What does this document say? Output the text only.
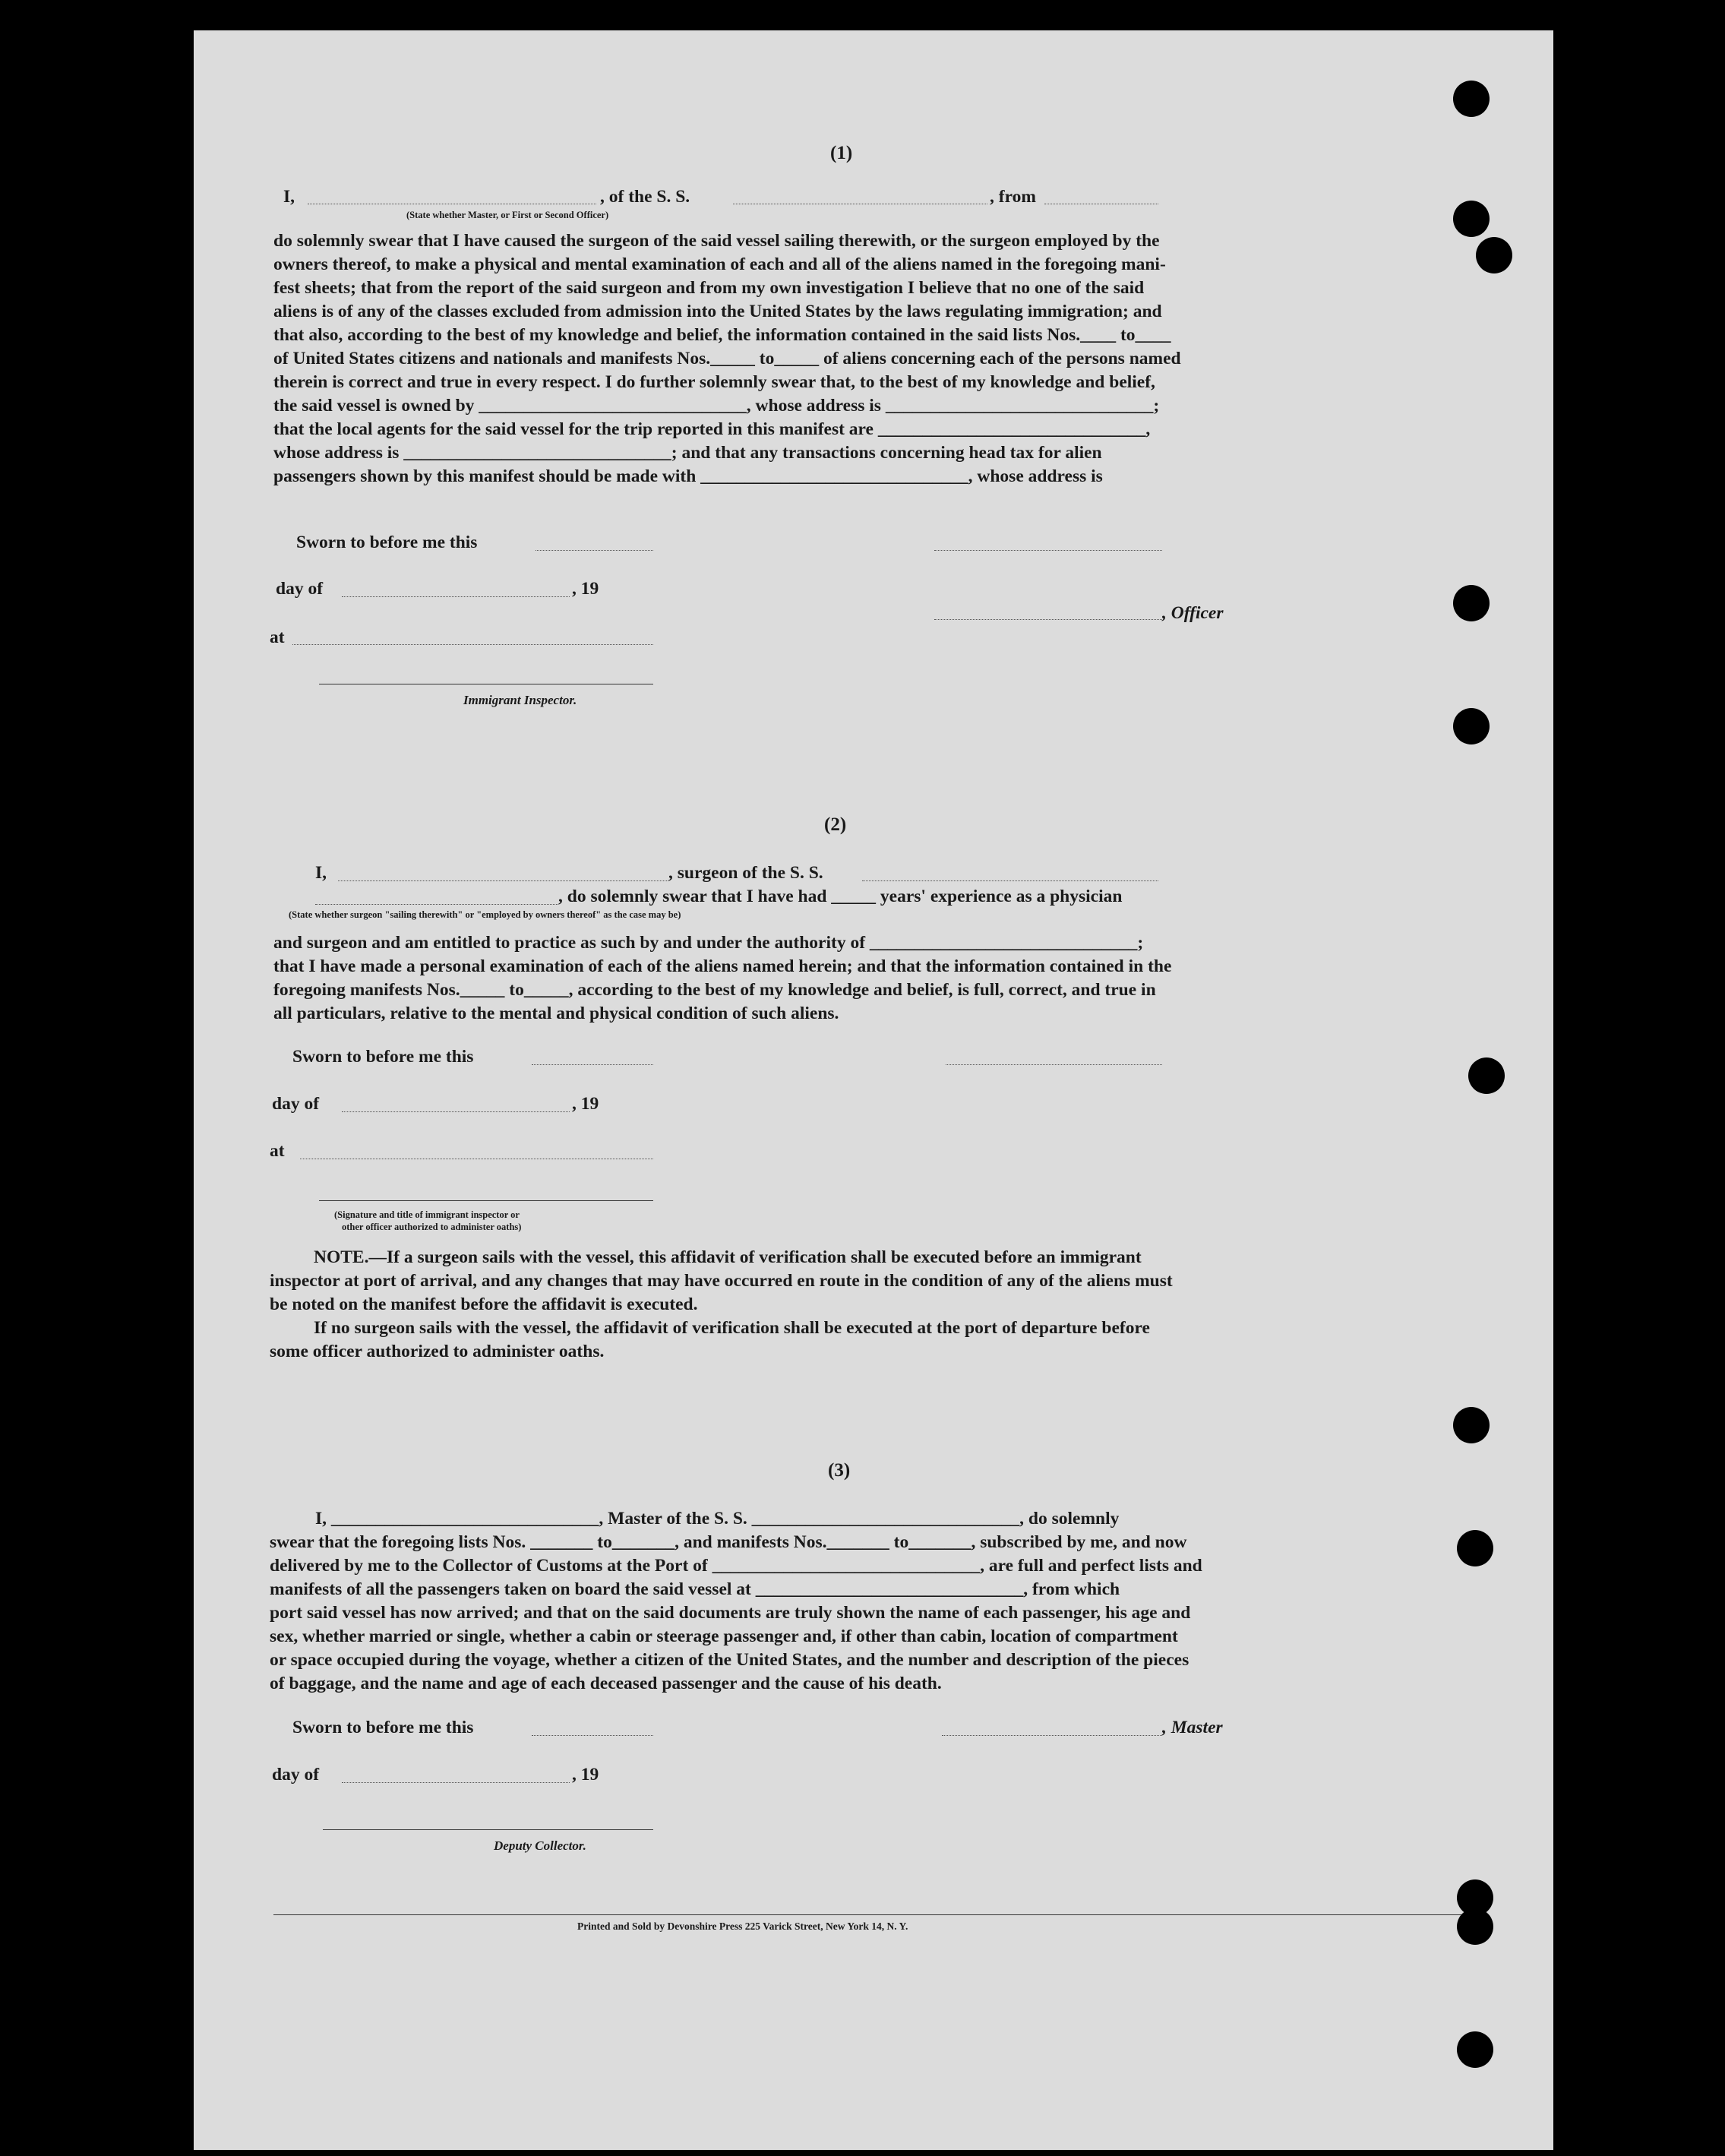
(1)
I,	, of the S. S.	, from
(State whether Master, or First or Second Officer)
do solemnly swear that I have caused the surgeon of the said vessel sailing therewith, or the surgeon employed by the
owners thereof, to make a physical and mental examination of each and all of the aliens named in the foregoing mani-
fest sheets; that from the report of the said surgeon and from my own investigation I believe that no one of the said
aliens is of any of the classes excluded from admission into the United States by the laws regulating immigration; and
that also, according to the best of my knowledge and belief, the information contained in the said lists Nos.____ to____
of United States citizens and nationals and manifests Nos._____ to_____ of aliens concerning each of the persons named
therein is correct and true in every respect. I do further solemnly swear that, to the best of my knowledge and belief,
the said vessel is owned by ______________________________, whose address is ______________________________;
that the local agents for the said vessel for the trip reported in this manifest are ______________________________,
whose address is ______________________________; and that any transactions concerning head tax for alien
passengers shown by this manifest should be made with ______________________________, whose address is
Sworn to before me this
day of	, 19
, Officer
at
Immigrant Inspector.
(2)
I,	, surgeon of the S. S.
, do solemnly swear that I have had _____ years' experience as a physician
(State whether surgeon "sailing therewith" or "employed by owners thereof" as the case may be)
and surgeon and am entitled to practice as such by and under the authority of ______________________________;
that I have made a personal examination of each of the aliens named herein; and that the information contained in the
foregoing manifests Nos._____ to_____, according to the best of my knowledge and belief, is full, correct, and true in
all particulars, relative to the mental and physical condition of such aliens.
Sworn to before me this
day of	, 19
at
(Signature and title of immigrant inspector or
other officer authorized to administer oaths)
NOTE.—If a surgeon sails with the vessel, this affidavit of verification shall be executed before an immigrant
inspector at port of arrival, and any changes that may have occurred en route in the condition of any of the aliens must
be noted on the manifest before the affidavit is executed.
If no surgeon sails with the vessel, the affidavit of verification shall be executed at the port of departure before
some officer authorized to administer oaths.
(3)
I, ______________________________, Master of the S. S. ______________________________, do solemnly
swear that the foregoing lists Nos. _______ to_______, and manifests Nos._______ to_______, subscribed by me, and now
delivered by me to the Collector of Customs at the Port of ______________________________, are full and perfect lists and
manifests of all the passengers taken on board the said vessel at ______________________________, from which
port said vessel has now arrived; and that on the said documents are truly shown the name of each passenger, his age and
sex, whether married or single, whether a cabin or steerage passenger and, if other than cabin, location of compartment
or space occupied during the voyage, whether a citizen of the United States, and the number and description of the pieces
of baggage, and the name and age of each deceased passenger and the cause of his death.
Sworn to before me this	, Master
day of	, 19
Deputy Collector.
Printed and Sold by Devonshire Press 225 Varick Street, New York 14, N. Y.
